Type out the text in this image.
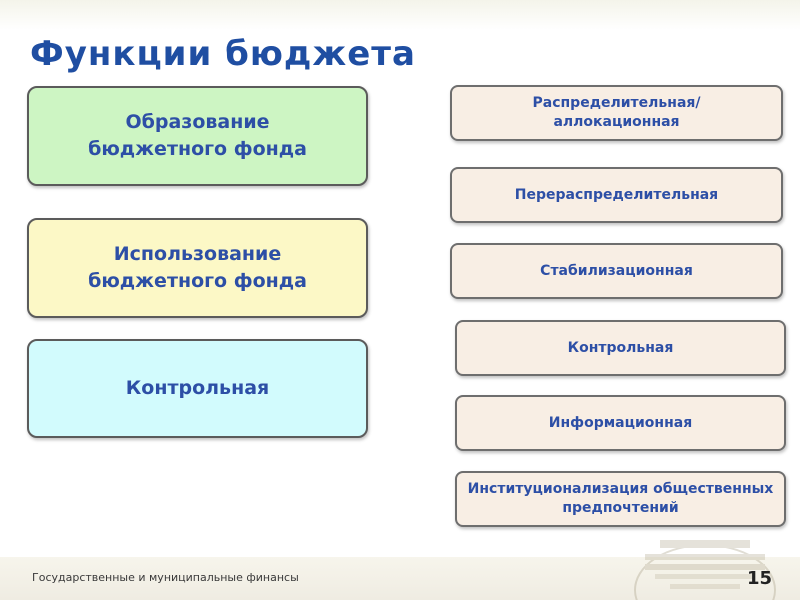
Функции бюджета
Образование бюджетного фонда
Использование бюджетного фонда
Контрольная
Распределительная/ аллокационная
Перераспределительная
Стабилизационная
Контрольная
Информационная
Институционализация общественных предпочтений
Государственные и муниципальные финансы	15
